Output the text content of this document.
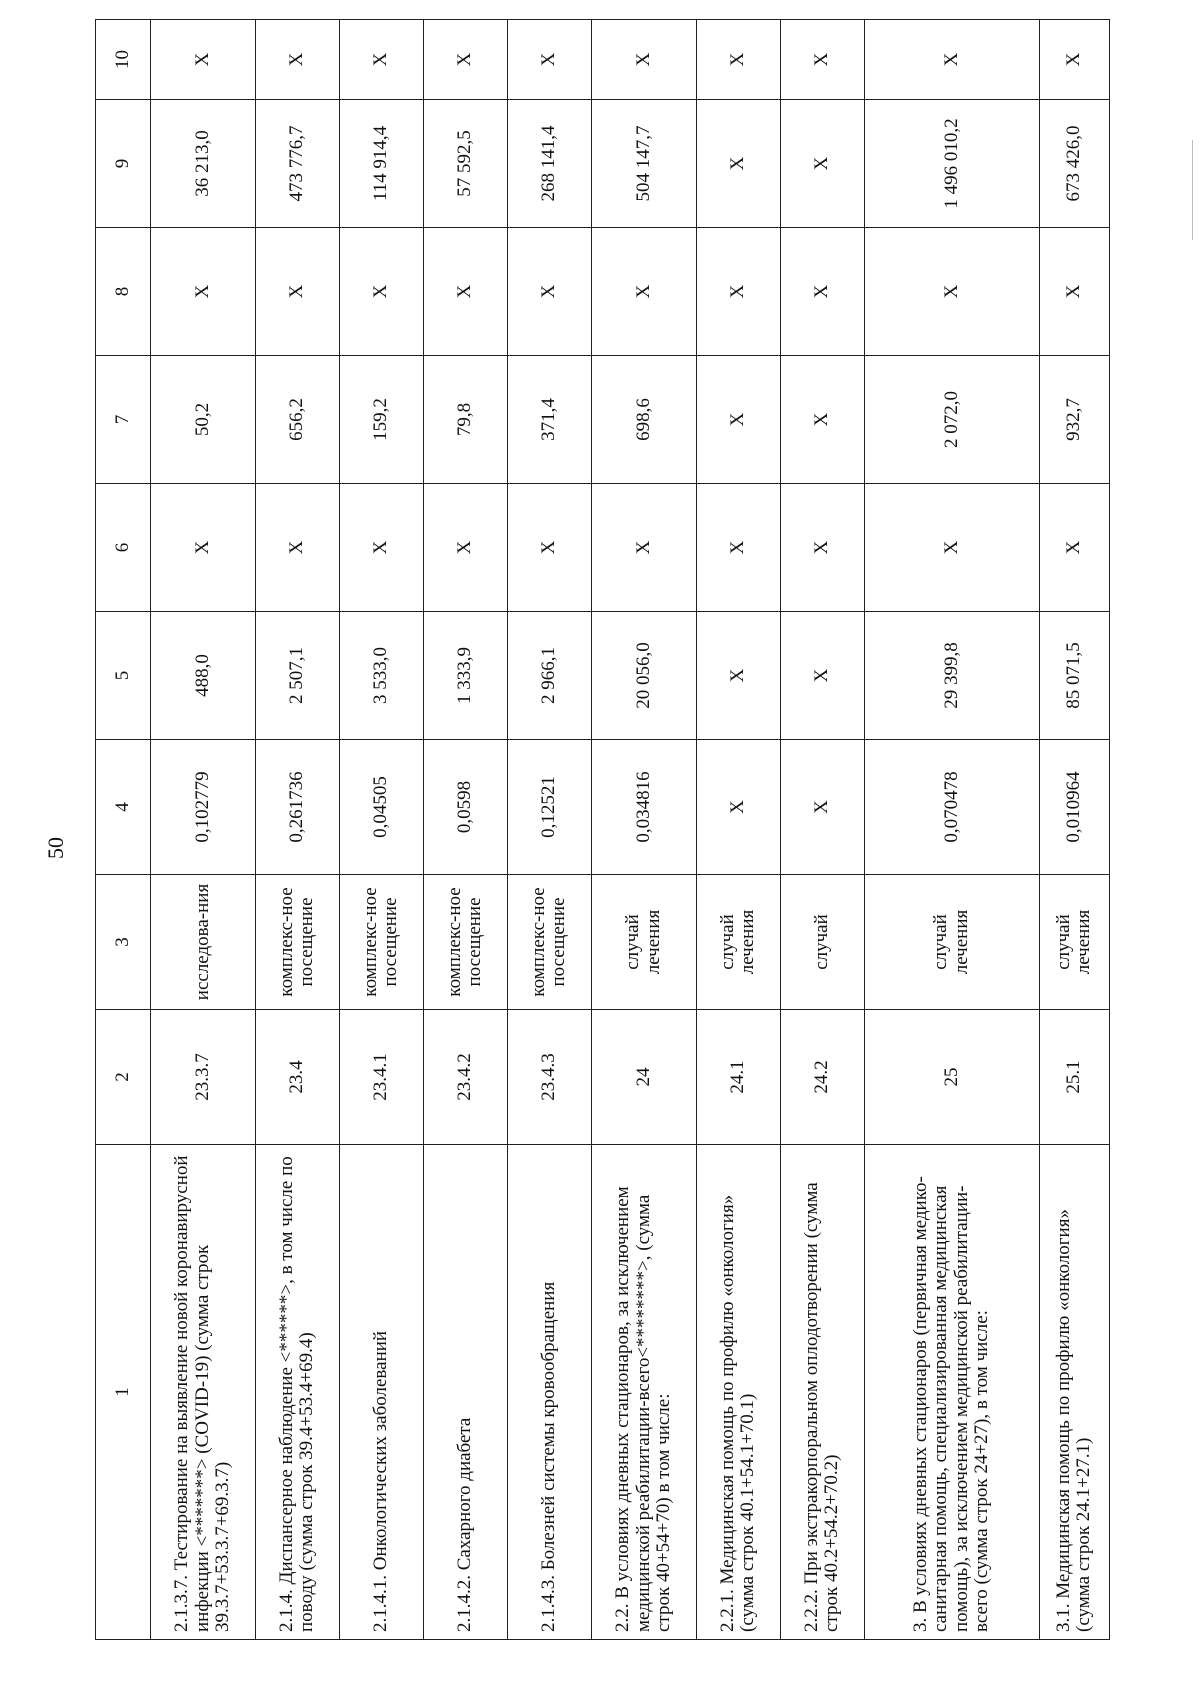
50
1	2	3	4	5	6	7	8	9	10
2.1.3.7. Тестирование на выявление новой коронавирусной инфекции <*******> (COVID-19) (сумма строк 39.3.7+53.3.7+69.3.7)	23.3.7	исследова-ния	0,102779	488,0	X	50,2	X	36 213,0	X
2.1.4. Диспансерное наблюдение <******>, в том числе по поводу (сумма строк 39.4+53.4+69.4)	23.4	комплекс-ное посещение	0,261736	2 507,1	X	656,2	X	473 776,7	X
2.1.4.1. Онкологических заболеваний	23.4.1	комплекс-ное посещение	0,04505	3 533,0	X	159,2	X	114 914,4	X
2.1.4.2. Сахарного диабета	23.4.2	комплекс-ное посещение	0,0598	1 333,9	X	79,8	X	57 592,5	X
2.1.4.3. Болезней системы кровообращения	23.4.3	комплекс-ное посещение	0,12521	2 966,1	X	371,4	X	268 141,4	X
2.2. В условиях дневных стационаров, за исключением медицинской реабилитации-всего<********>, (сумма строк 40+54+70) в том числе:	24	случай лечения	0,034816	20 056,0	X	698,6	X	504 147,7	X
2.2.1. Медицинская помощь по профилю «онкология» (сумма строк 40.1+54.1+70.1)	24.1	случай лечения	X	X	X	X	X	X	X
2.2.2. При экстракорпоральном оплодотворении (сумма строк 40.2+54.2+70.2)	24.2	случай	X	X	X	X	X	X	X
3. В условиях дневных стационаров (первичная медико-санитарная помощь, специализированная медицинская помощь), за исключением медицинской реабилитации-всего (сумма строк 24+27), в том числе:	25	случай лечения	0,070478	29 399,8	X	2 072,0	X	1 496 010,2	X
3.1. Медицинская помощь по профилю «онкология» (сумма строк 24.1+27.1)	25.1	случай лечения	0,010964	85 071,5	X	932,7	X	673 426,0	X
